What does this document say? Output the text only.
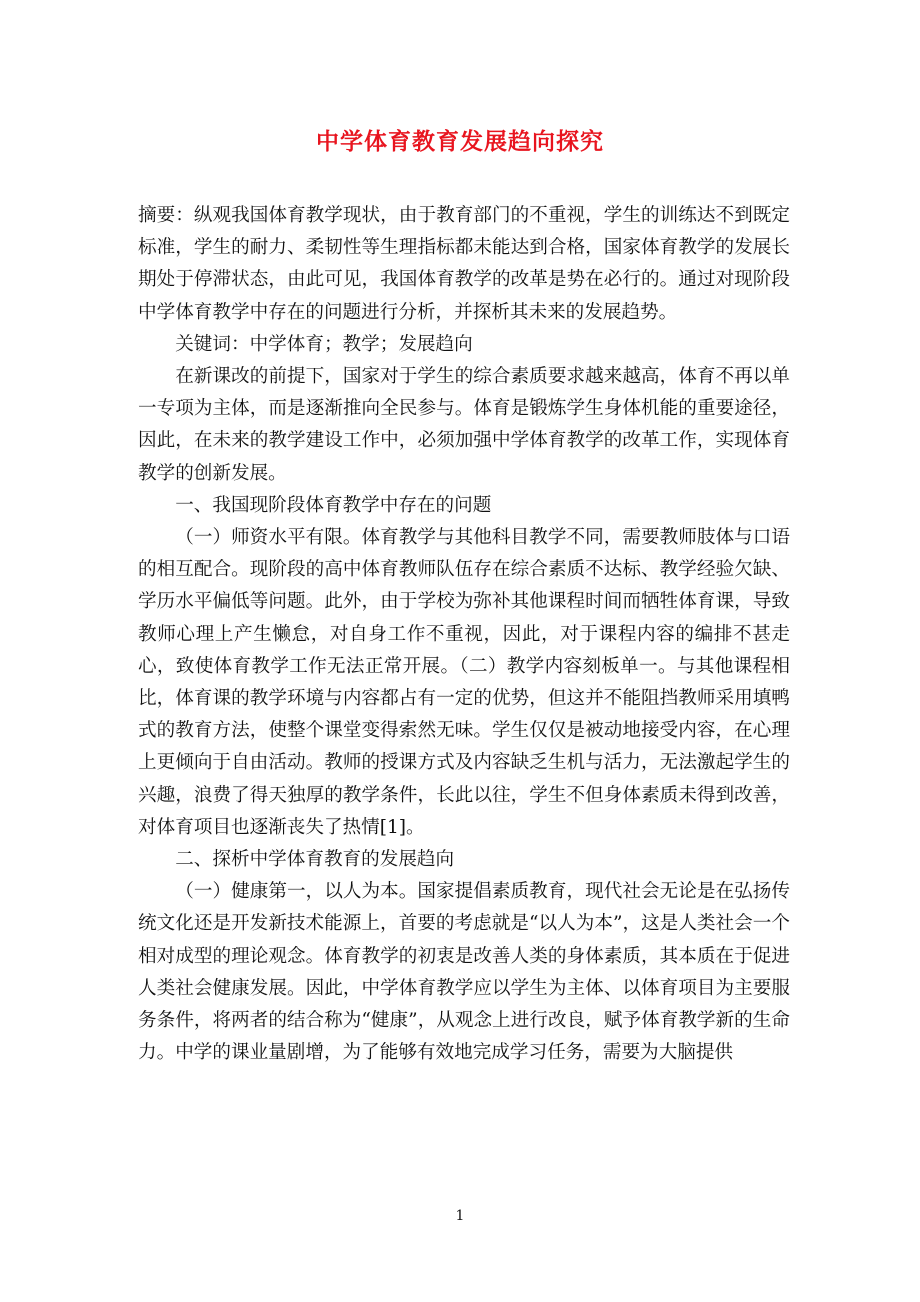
中学体育教育发展趋向探究

摘要：纵观我国体育教学现状，由于教育部门的不重视，学生的训练达不到既定标准，学生的耐力、柔韧性等生理指标都未能达到合格，国家体育教学的发展长期处于停滞状态，由此可见，我国体育教学的改革是势在必行的。通过对现阶段中学体育教学中存在的问题进行分析，并探析其未来的发展趋势。

关键词：中学体育；教学；发展趋向

在新课改的前提下，国家对于学生的综合素质要求越来越高，体育不再以单一专项为主体，而是逐渐推向全民参与。体育是锻炼学生身体机能的重要途径，因此，在未来的教学建设工作中，必须加强中学体育教学的改革工作，实现体育教学的创新发展。

一、我国现阶段体育教学中存在的问题

（一）师资水平有限。体育教学与其他科目教学不同，需要教师肢体与口语的相互配合。现阶段的高中体育教师队伍存在综合素质不达标、教学经验欠缺、学历水平偏低等问题。此外，由于学校为弥补其他课程时间而牺牲体育课，导致教师心理上产生懒怠，对自身工作不重视，因此，对于课程内容的编排不甚走心，致使体育教学工作无法正常开展。（二）教学内容刻板单一。与其他课程相比，体育课的教学环境与内容都占有一定的优势，但这并不能阻挡教师采用填鸭式的教育方法，使整个课堂变得索然无味。学生仅仅是被动地接受内容，在心理上更倾向于自由活动。教师的授课方式及内容缺乏生机与活力，无法激起学生的兴趣，浪费了得天独厚的教学条件，长此以往，学生不但身体素质未得到改善，对体育项目也逐渐丧失了热情[1]。

二、探析中学体育教育的发展趋向

（一）健康第一，以人为本。国家提倡素质教育，现代社会无论是在弘扬传统文化还是开发新技术能源上，首要的考虑就是“以人为本”，这是人类社会一个相对成型的理论观念。体育教学的初衷是改善人类的身体素质，其本质在于促进人类社会健康发展。因此，中学体育教学应以学生为主体、以体育项目为主要服务条件，将两者的结合称为“健康”，从观念上进行改良，赋予体育教学新的生命力。中学的课业量剧增，为了能够有效地完成学习任务，需要为大脑提供

1
